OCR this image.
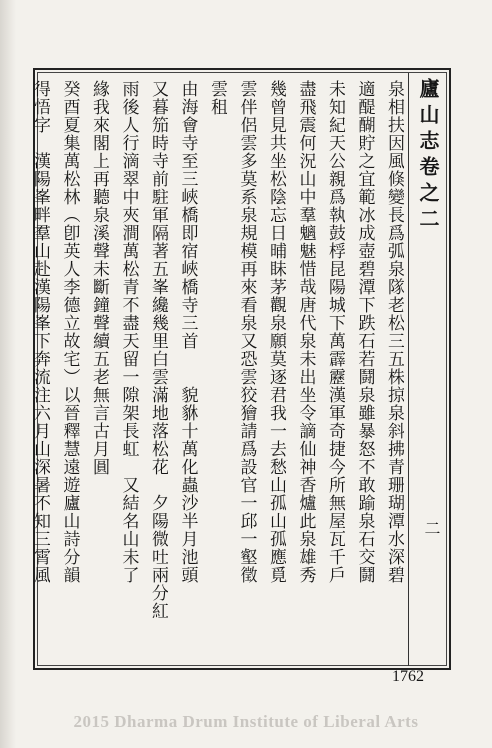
廬山志卷之二
二
泉相扶因風倏變長爲弧泉隊老松三五株掠泉斜拂青珊瑚潭水深碧
適醍醐貯之宜範冰成壺碧潭下跌石若鬪泉雖暴怒不敢踰泉石交鬪
未知紀天公親爲執鼓桴昆陽城下萬霹靂漢軍奇捷今所無屋瓦千戶
盡飛震何況山中羣魑魅惜哉唐代泉未出坐令謫仙神香爐此泉雄秀
幾曾見共坐松陰忘日晡眛茅觀泉願莫逐君我一去愁山孤山孤應覓
雲伴侶雲多莫系泉規模再來看泉又恐雲狡獪請爲設官一邱一壑徵
雲租
由海會寺至三峽橋即宿峽橋寺三首　　貌貅十萬化蟲沙半月池頭
又暮笳時寺前駐軍隔著五峯纔幾里白雲滿地落松花　夕陽微吐兩分紅
雨後人行滴翠中夾澗萬松青不盡天留一隙架長虹　又結名山未了
緣我來閣上再聽泉溪聲未斷鐘聲續五老無言古月圓
癸酉夏集萬松林（卽英人李德立故宅）以晉釋慧遠遊廬山詩分韻
得悟字　漢陽峯畔羣山赴漢陽峯下奔流注六月山深暑不知三霄風
1762
2015 Dharma Drum Institute of Liberal Arts
